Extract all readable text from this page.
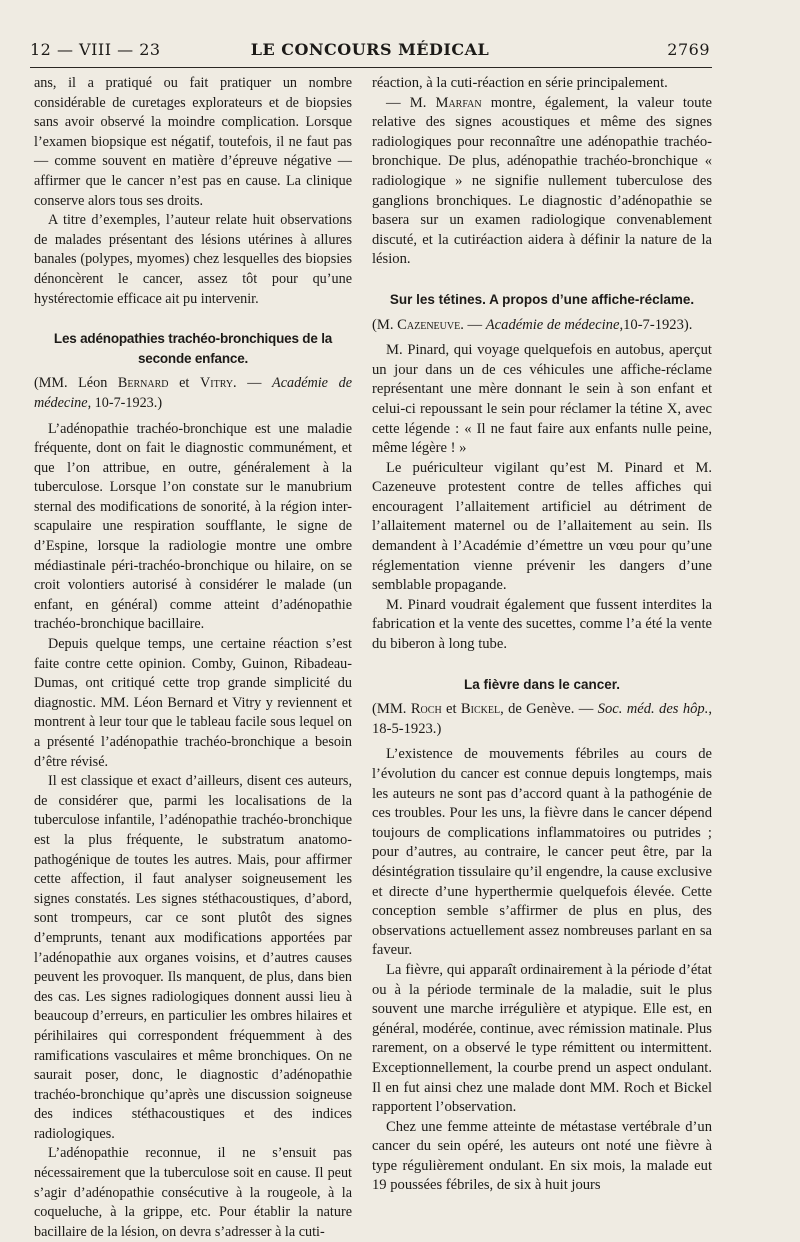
12 — VIII — 23	LE CONCOURS MÉDICAL	2769
ans, il a pratiqué ou fait pratiquer un nombre considérable de curetages explorateurs et de biopsies sans avoir observé la moindre complication. Lorsque l’examen biopsique est négatif, toutefois, il ne faut pas — comme souvent en matière d’épreuve négative — affirmer que le cancer n’est pas en cause. La clinique conserve alors tous ses droits.
A titre d’exemples, l’auteur relate huit observations de malades présentant des lésions utérines à allures banales (polypes, myomes) chez lesquelles des biopsies dénoncèrent le cancer, assez tôt pour qu’une hystérectomie efficace ait pu intervenir.
Les adénopathies trachéo-bronchiques de la seconde enfance.
(MM. Léon Bernard et Vitry. — Académie de médecine, 10-7-1923.)
L’adénopathie trachéo-bronchique est une maladie fréquente, dont on fait le diagnostic communément, et que l’on attribue, en outre, généralement à la tuberculose. Lorsque l’on constate sur le manubrium sternal des modifications de sonorité, à la région inter-scapulaire une respiration soufflante, le signe de d’Espine, lorsque la radiologie montre une ombre médiastinale péri-trachéo-bronchique ou hilaire, on se croit volontiers autorisé à considérer le malade (un enfant, en général) comme atteint d’adénopathie trachéo-bronchique bacillaire.
Depuis quelque temps, une certaine réaction s’est faite contre cette opinion. Comby, Guinon, Ribadeau-Dumas, ont critiqué cette trop grande simplicité du diagnostic. MM. Léon Bernard et Vitry y reviennent et montrent à leur tour que le tableau facile sous lequel on a présenté l’adénopathie trachéo-bronchique a besoin d’être révisé.
Il est classique et exact d’ailleurs, disent ces auteurs, de considérer que, parmi les localisations de la tuberculose infantile, l’adénopathie trachéo-bronchique est la plus fréquente, le substratum anatomo-pathogénique de toutes les autres. Mais, pour affirmer cette affection, il faut analyser soigneusement les signes constatés. Les signes stéthacoustiques, d’abord, sont trompeurs, car ce sont plutôt des signes d’emprunts, tenant aux modifications apportées par l’adénopathie aux organes voisins, et d’autres causes peuvent les provoquer. Ils manquent, de plus, dans bien des cas. Les signes radiologiques donnent aussi lieu à beaucoup d’erreurs, en particulier les ombres hilaires et périhilaires qui correspondent fréquemment à des ramifications vasculaires et même bronchiques. On ne saurait poser, donc, le diagnostic d’adénopathie trachéo-bronchique qu’après une discussion soigneuse des indices stéthacoustiques et des indices radiologiques.
L’adénopathie reconnue, il ne s’ensuit pas nécessairement que la tuberculose soit en cause. Il peut s’agir d’adénopathie consécutive à la rougeole, à la coqueluche, à la grippe, etc. Pour établir la nature bacillaire de la lésion, on devra s’adresser à la cuti-
réaction, à la cuti-réaction en série principalement.
— M. Marfan montre, également, la valeur toute relative des signes acoustiques et même des signes radiologiques pour reconnaître une adénopathie trachéo-bronchique. De plus, adénopathie trachéo-bronchique « radiologique » ne signifie nullement tuberculose des ganglions bronchiques. Le diagnostic d’adénopathie se basera sur un examen radiologique convenablement discuté, et la cutiréaction aidera à définir la nature de la lésion.
Sur les tétines. A propos d’une affiche-réclame.
(M. Cazeneuve. — Académie de médecine,10-7-1923).
M. Pinard, qui voyage quelquefois en autobus, aperçut un jour dans un de ces véhicules une affiche-réclame représentant une mère donnant le sein à son enfant et celui-ci repoussant le sein pour réclamer la tétine X, avec cette légende : « Il ne faut faire aux enfants nulle peine, même légère ! »
Le puériculteur vigilant qu’est M. Pinard et M. Cazeneuve protestent contre de telles affiches qui encouragent l’allaitement artificiel au détriment de l’allaitement maternel ou de l’allaitement au sein. Ils demandent à l’Académie d’émettre un vœu pour qu’une réglementation vienne prévenir les dangers d’une semblable propagande.
M. Pinard voudrait également que fussent interdites la fabrication et la vente des sucettes, comme l’a été la vente du biberon à long tube.
La fièvre dans le cancer.
(MM. Roch et Bickel, de Genève. — Soc. méd. des hôp., 18-5-1923.)
L’existence de mouvements fébriles au cours de l’évolution du cancer est connue depuis longtemps, mais les auteurs ne sont pas d’accord quant à la pathogénie de ces troubles. Pour les uns, la fièvre dans le cancer dépend toujours de complications inflammatoires ou putrides ; pour d’autres, au contraire, le cancer peut être, par la désintégration tissulaire qu’il engendre, la cause exclusive et directe d’une hyperthermie quelquefois élevée. Cette conception semble s’affirmer de plus en plus, des observations actuellement assez nombreuses parlant en sa faveur.
La fièvre, qui apparaît ordinairement à la période d’état ou à la période terminale de la maladie, suit le plus souvent une marche irrégulière et atypique. Elle est, en général, modérée, continue, avec rémission matinale. Plus rarement, on a observé le type rémittent ou intermittent. Exceptionnellement, la courbe prend un aspect ondulant. Il en fut ainsi chez une malade dont MM. Roch et Bickel rapportent l’observation.
Chez une femme atteinte de métastase vertébrale d’un cancer du sein opéré, les auteurs ont noté une fièvre à type régulièrement ondulant. En six mois, la malade eut 19 poussées fébriles, de six à huit jours
